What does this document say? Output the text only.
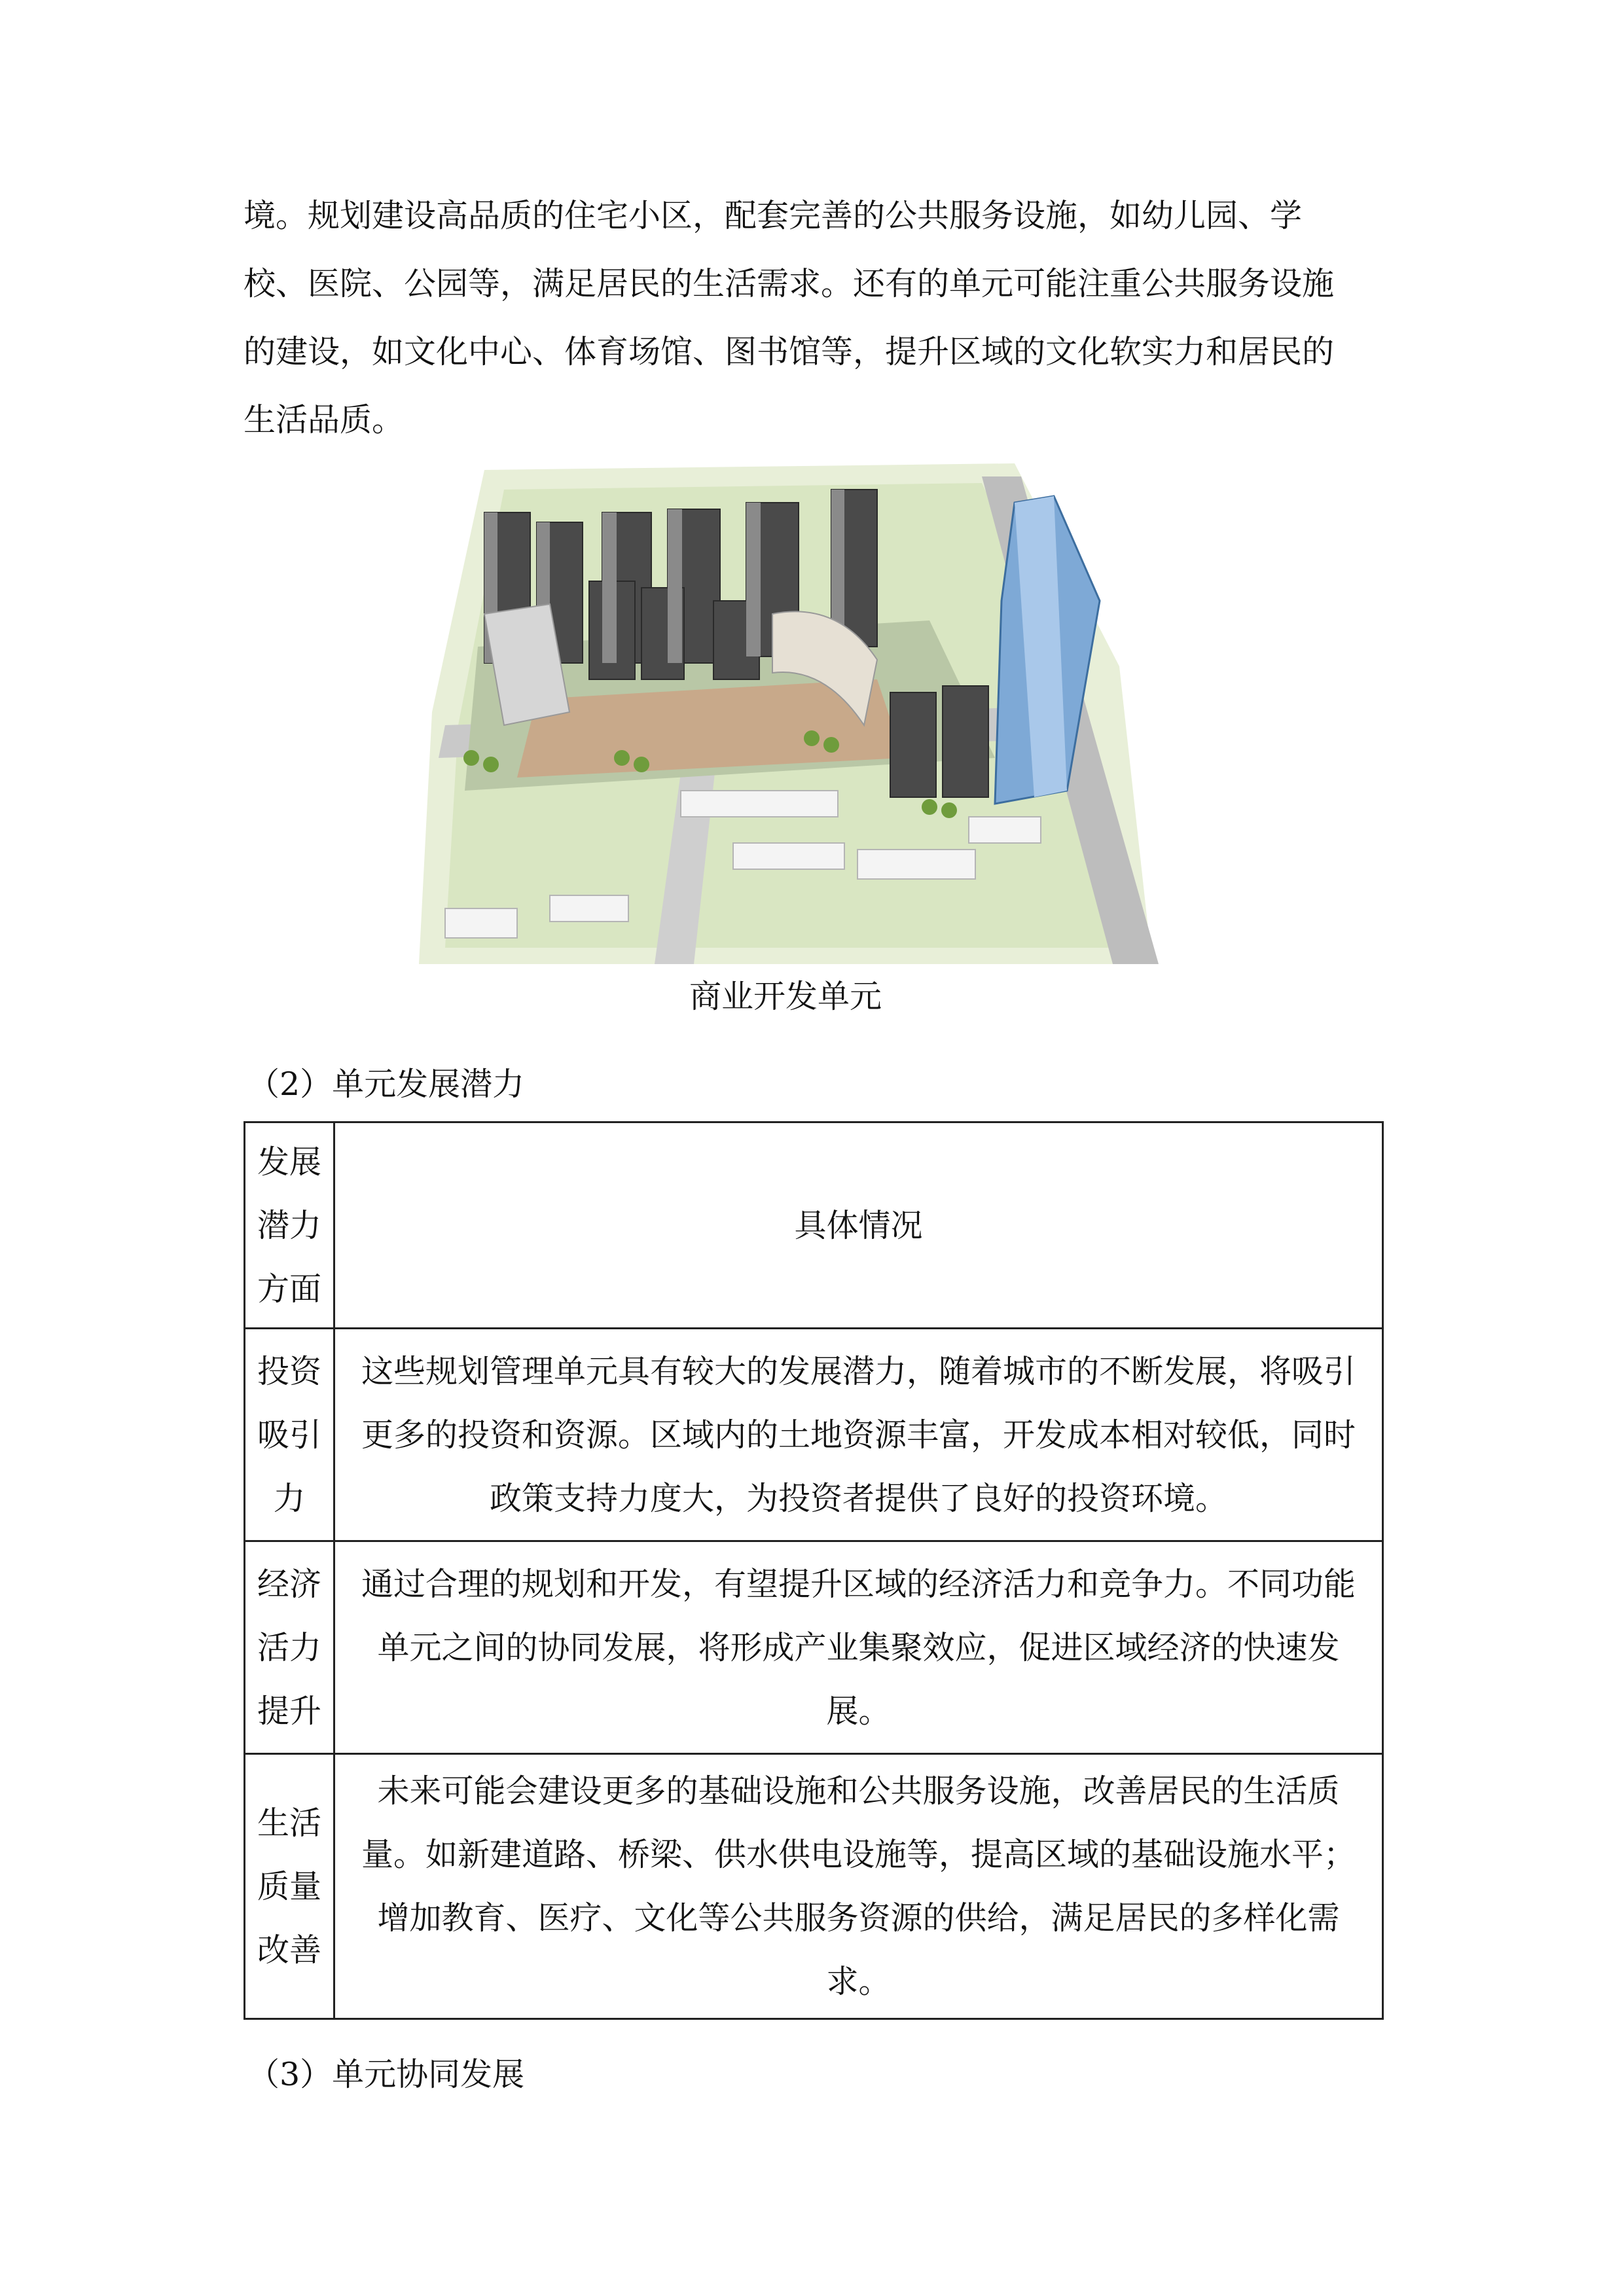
境。规划建设高品质的住宅小区，配套完善的公共服务设施，如幼儿园、学
校、医院、公园等，满足居民的生活需求。还有的单元可能注重公共服务设施
的建设，如文化中心、体育场馆、图书馆等，提升区域的文化软实力和居民的
生活品质。

商业开发单元
（2）单元发展潜力
发展
潜力
方面	具体情况

投资
吸引
力	这些规划管理单元具有较大的发展潜力，随着城市的不断发展，将吸引
更多的投资和资源。区域内的土地资源丰富，开发成本相对较低，同时
政策支持力度大，为投资者提供了良好的投资环境。

经济
活力
提升	通过合理的规划和开发，有望提升区域的经济活力和竞争力。不同功能
单元之间的协同发展，将形成产业集聚效应，促进区域经济的快速发
展。

生活
质量
改善	未来可能会建设更多的基础设施和公共服务设施，改善居民的生活质
量。如新建道路、桥梁、供水供电设施等，提高区域的基础设施水平；
增加教育、医疗、文化等公共服务资源的供给，满足居民的多样化需
求。
（3）单元协同发展
